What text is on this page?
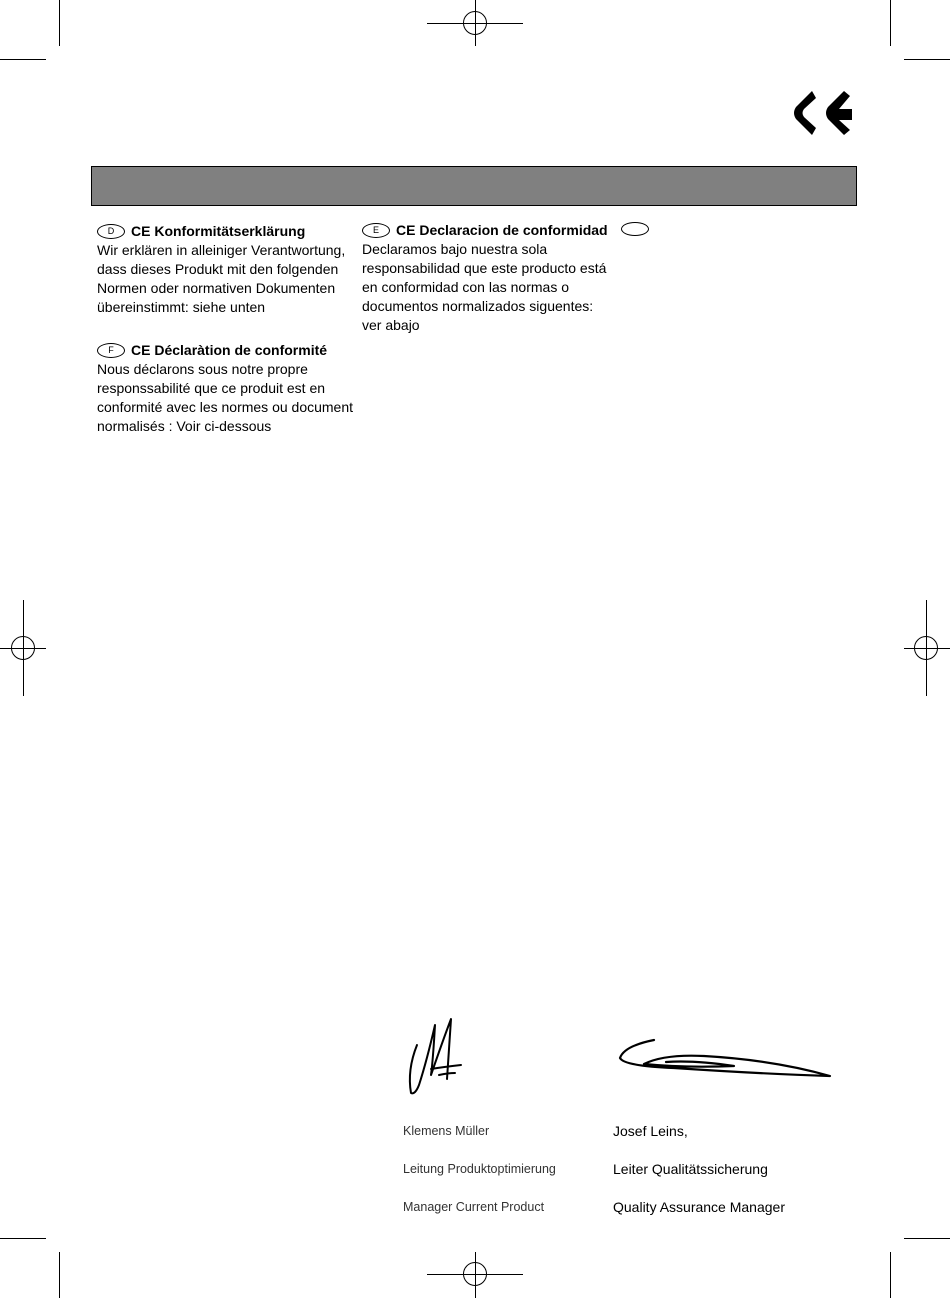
D	CE Konformitätserklärung
Wir erklären in alleiniger Verantwortung,
dass dieses Produkt mit den folgenden
Normen oder normativen Dokumenten
übereinstimmt: siehe unten
F	CE Déclaràtion de conformité
Nous déclarons sous notre propre
responssabilité que ce produit est en
conformité avec les normes ou document
normalisés : Voir ci-dessous
E	CE Declaracion de conformidad
Declaramos bajo nuestra sola
responsabilidad que este producto está
en conformidad con las normas o
documentos normalizados siguentes:
ver abajo

Klemens Müller

Leitung Produktoptimierung

Manager Current Product

Josef Leins,

Leiter Qualitätssicherung

Quality Assurance Manager
